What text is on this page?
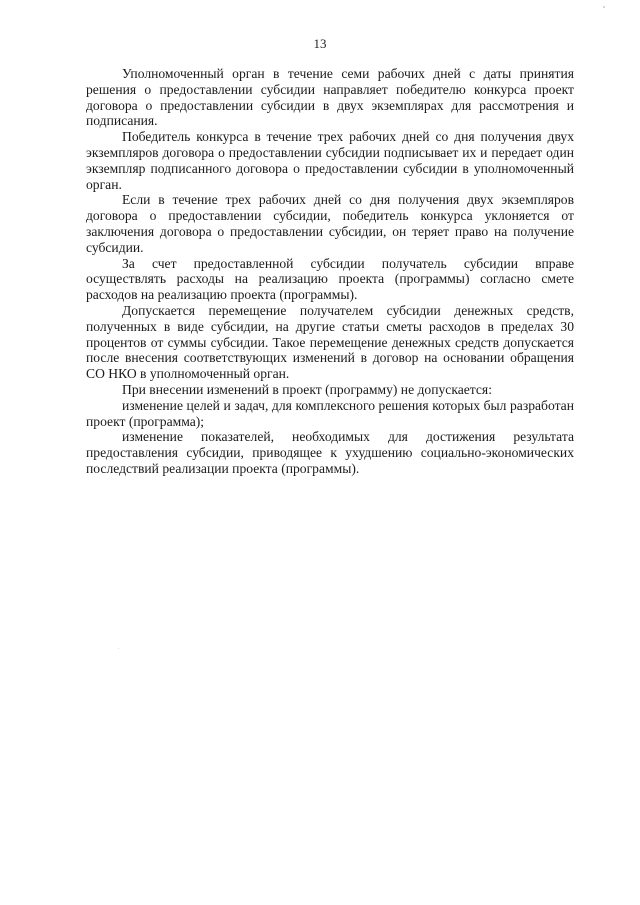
13

Уполномоченный орган в течение семи рабочих дней с даты принятия решения о предоставлении субсидии направляет победителю конкурса проект договора о предоставлении субсидии в двух экземплярах для рассмотрения и подписания.

Победитель конкурса в течение трех рабочих дней со дня получения двух экземпляров договора о предоставлении субсидии подписывает их и передает один экземпляр подписанного договора о предоставлении субсидии в уполномоченный орган.

Если в течение трех рабочих дней со дня получения двух экземпляров договора о предоставлении субсидии, победитель конкурса уклоняется от заключения договора о предоставлении субсидии, он теряет право на получение субсидии.

За счет предоставленной субсидии получатель субсидии вправе осуществлять расходы на реализацию проекта (программы) согласно смете расходов на реализацию проекта (программы).

Допускается перемещение получателем субсидии денежных средств, полученных в виде субсидии, на другие статьи сметы расходов в пределах 30 процентов от суммы субсидии. Такое перемещение денежных средств допускается после внесения соответствующих изменений в договор на основании обращения СО НКО в уполномоченный орган.

При внесении изменений в проект (программу) не допускается:

изменение целей и задач, для комплексного решения которых был разработан проект (программа);

изменение показателей, необходимых для достижения результата предоставления субсидии, приводящее к ухудшению социально-экономических последствий реализации проекта (программы).
